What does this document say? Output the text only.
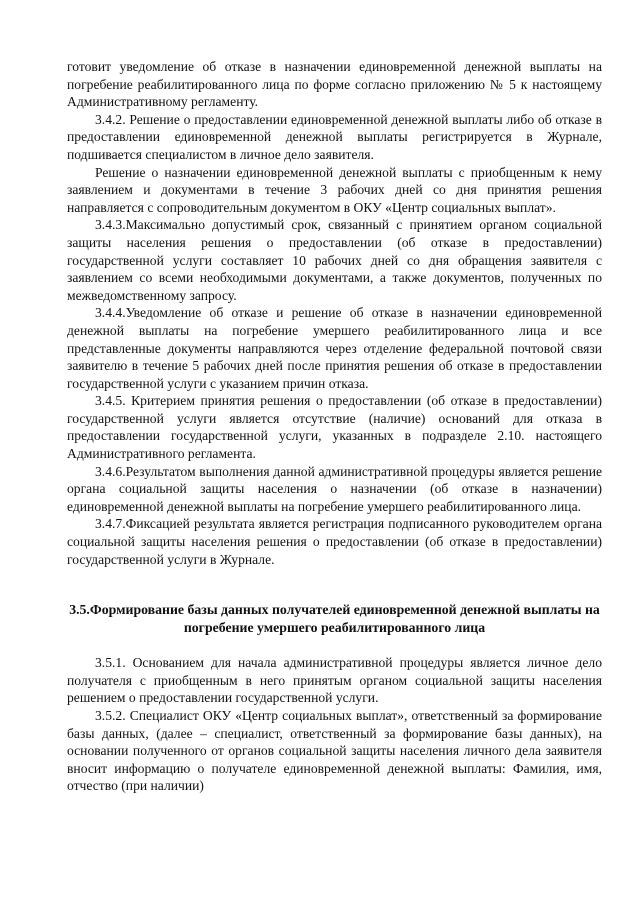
готовит уведомление об отказе в назначении единовременной денежной выплаты на погребение реабилитированного лица по форме согласно приложению № 5 к настоящему Административному регламенту.

3.4.2. Решение о предоставлении единовременной денежной выплаты либо об отказе в предоставлении единовременной денежной выплаты регистрируется в Журнале, подшивается специалистом в личное дело заявителя.

Решение о назначении единовременной денежной выплаты с приобщенным к нему заявлением и документами в течение 3 рабочих дней со дня принятия решения направляется с сопроводительным документом в ОКУ «Центр социальных выплат».

3.4.3.Максимально допустимый срок, связанный с принятием органом социальной защиты населения решения о предоставлении (об отказе в предоставлении) государственной услуги составляет 10 рабочих дней со дня обращения заявителя с заявлением со всеми необходимыми документами, а также документов, полученных по межведомственному запросу.

3.4.4.Уведомление об отказе и решение об отказе в назначении единовременной денежной выплаты на погребение умершего реабилитированного лица и все представленные документы направляются через отделение федеральной почтовой связи заявителю в течение 5 рабочих дней после принятия решения об отказе в предоставлении государственной услуги с указанием причин отказа.

3.4.5. Критерием принятия решения о предоставлении (об отказе в предоставлении) государственной услуги является отсутствие (наличие) оснований для отказа в предоставлении государственной услуги, указанных в подразделе 2.10. настоящего Административного регламента.

3.4.6.Результатом выполнения данной административной процедуры является решение органа социальной защиты населения о назначении (об отказе в назначении) единовременной денежной выплаты на погребение умершего реабилитированного лица.

3.4.7.Фиксацией результата является регистрация подписанного руководителем органа социальной защиты населения решения о предоставлении (об отказе в предоставлении) государственной услуги в Журнале.

3.5.Формирование базы данных получателей единовременной денежной выплаты на погребение умершего реабилитированного лица

3.5.1. Основанием для начала административной процедуры является личное дело получателя с приобщенным в него принятым органом социальной защиты населения решением о предоставлении государственной услуги.

3.5.2. Специалист ОКУ «Центр социальных выплат», ответственный за формирование базы данных, (далее – специалист, ответственный за формирование базы данных), на основании полученного от органов социальной защиты населения личного дела заявителя вносит информацию о получателе единовременной денежной выплаты: Фамилия, имя, отчество (при наличии)
